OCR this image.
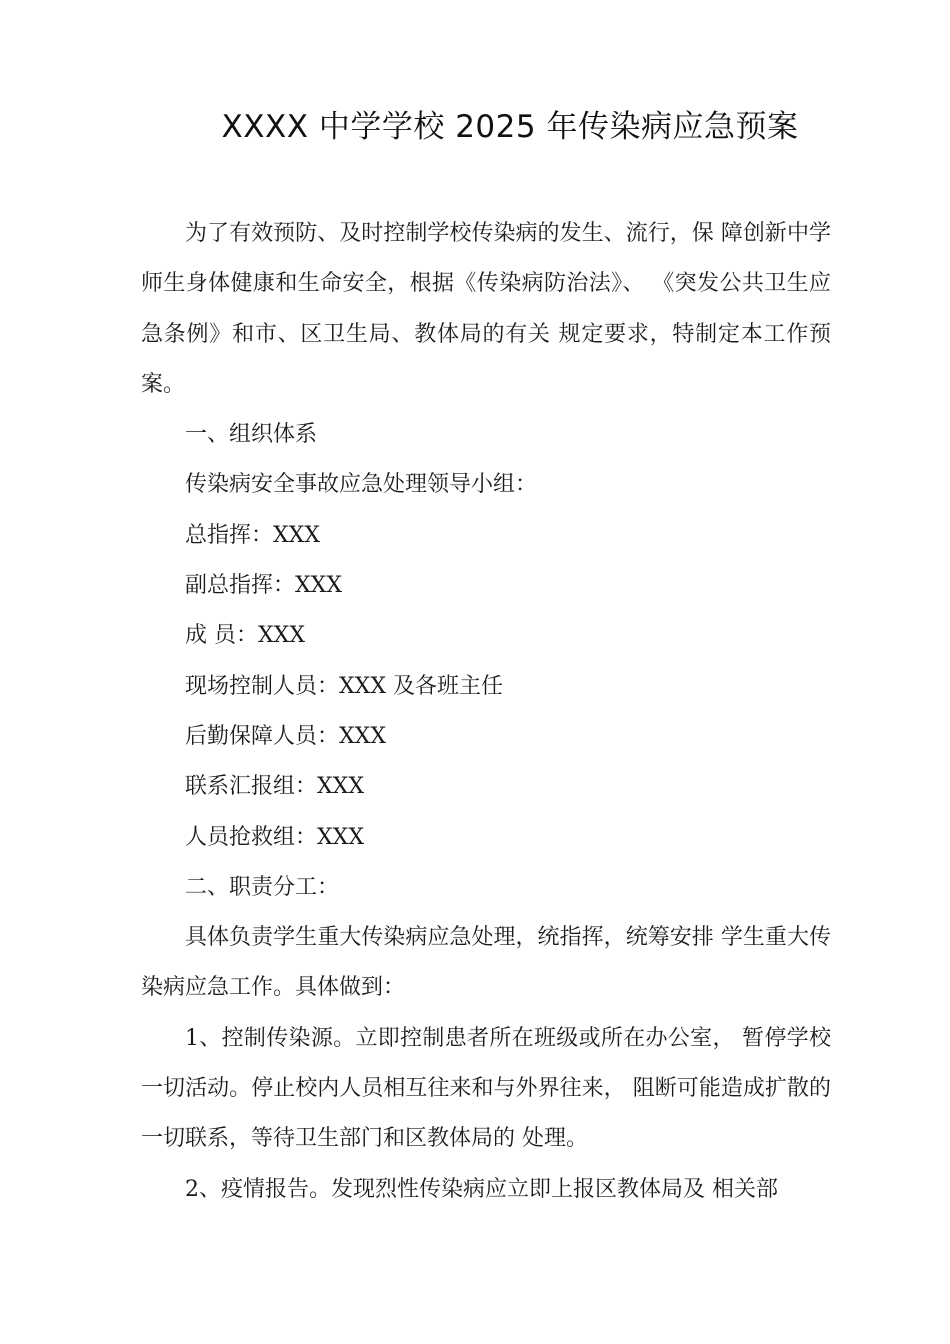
XXXX 中学学校 2025 年传染病应急预案

为了有效预防、及时控制学校传染病的发生、流行，保 障创新中学师生身体健康和生命安全，根据《传染病防治法》、 《突发公共卫生应急条例》和市、区卫生局、教体局的有关 规定要求，特制定本工作预案。

一、组织体系

传染病安全事故应急处理领导小组：

总指挥：XXX

副总指挥：XXX

成 员：XXX

现场控制人员：XXX 及各班主任

后勤保障人员：XXX

联系汇报组：XXX

人员抢救组：XXX

二、职责分工：

具体负责学生重大传染病应急处理，统指挥，统筹安排 学生重大传染病应急工作。具体做到：

1、控制传染源。立即控制患者所在班级或所在办公室， 暂停学校一切活动。停止校内人员相互往来和与外界往来， 阻断可能造成扩散的一切联系，等待卫生部门和区教体局的 处理。

2、疫情报告。发现烈性传染病应立即上报区教体局及 相关部
